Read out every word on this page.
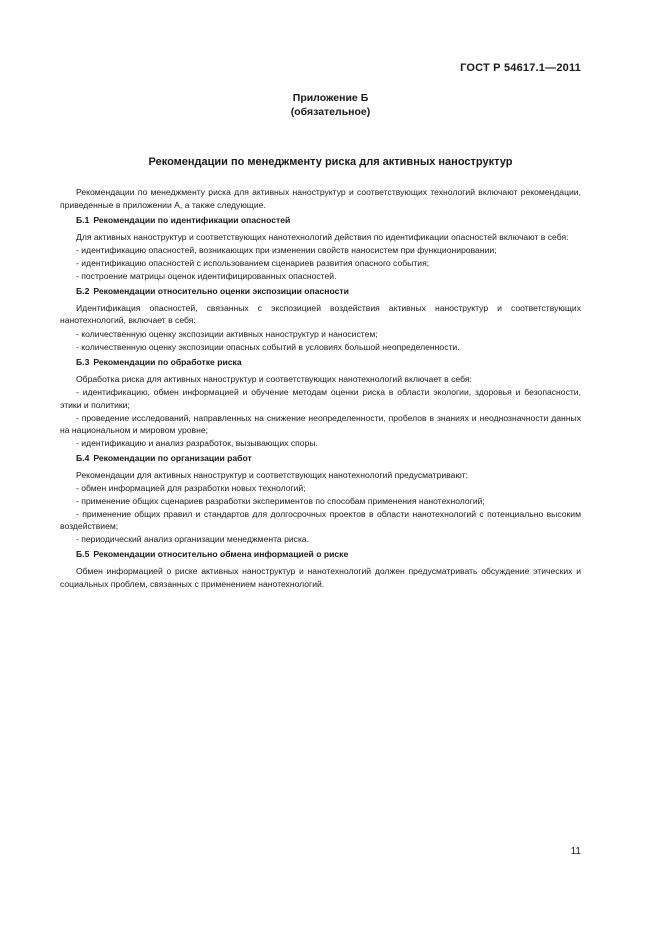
ГОСТ Р 54617.1—2011
Приложение Б
(обязательное)
Рекомендации по менеджменту риска для активных наноструктур

Рекомендации по менеджменту риска для активных наноструктур и соответствующих технологий включают рекомендации, приведенные в приложении А, а также следующие.

Б.1 Рекомендации по идентификации опасностей

Для активных наноструктур и соответствующих нанотехнологий действия по идентификации опасностей включают в себя:

- идентификацию опасностей, возникающих при изменении свойств наносистем при функционировании;

- идентификацию опасностей с использованием сценариев развития опасного события;

- построение матрицы оценок идентифицированных опасностей.

Б.2 Рекомендации относительно оценки экспозиции опасности

Идентификация опасностей, связанных с экспозицией воздействия активных наноструктур и соответствующих нанотехнологий, включает в себя:

- количественную оценку экспозиции активных наноструктур и наносистем;

- количественную оценку экспозиции опасных событий в условиях большой неопределенности.

Б.3 Рекомендации по обработке риска

Обработка риска для активных наноструктур и соответствующих нанотехнологий включает в себя:

- идентификацию, обмен информацией и обучение методам оценки риска в области экологии, здоровья и безопасности, этики и политики;

- проведение исследований, направленных на снижение неопределенности, пробелов в знаниях и неоднозначности данных на национальном и мировом уровне;

- идентификацию и анализ разработок, вызывающих споры.

Б.4 Рекомендации по организации работ

Рекомендации для активных наноструктур и соответствующих нанотехнологий предусматривают:

- обмен информацией для разработки новых технологий;

- применение общих сценариев разработки экспериментов по способам применения нанотехнологий;

- применение общих правил и стандартов для долгосрочных проектов в области нанотехнологий с потенциально высоким воздействием;

- периодический анализ организации менеджмента риска.

Б.5 Рекомендации относительно обмена информацией о риске

Обмен информацией о риске активных наноструктур и нанотехнологий должен предусматривать обсуждение этических и социальных проблем, связанных с применением нанотехнологий.

11
